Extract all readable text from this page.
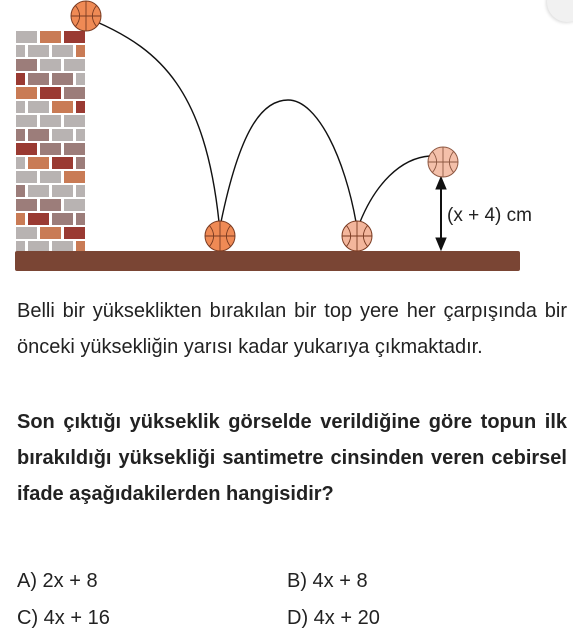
(x + 4) cm

Belli bir yükseklikten bırakılan bir top yere her çarpışında bir önceki yüksekliğin yarısı kadar yukarıya çıkmaktadır.

Son çıktığı yükseklik görselde verildiğine göre topun ilk bırakıldığı yüksekliği santimetre cinsinden veren cebirsel ifade aşağıdakilerden hangisidir?

A) 2x + 8	B) 4x + 8
C) 4x + 16	D) 4x + 20
